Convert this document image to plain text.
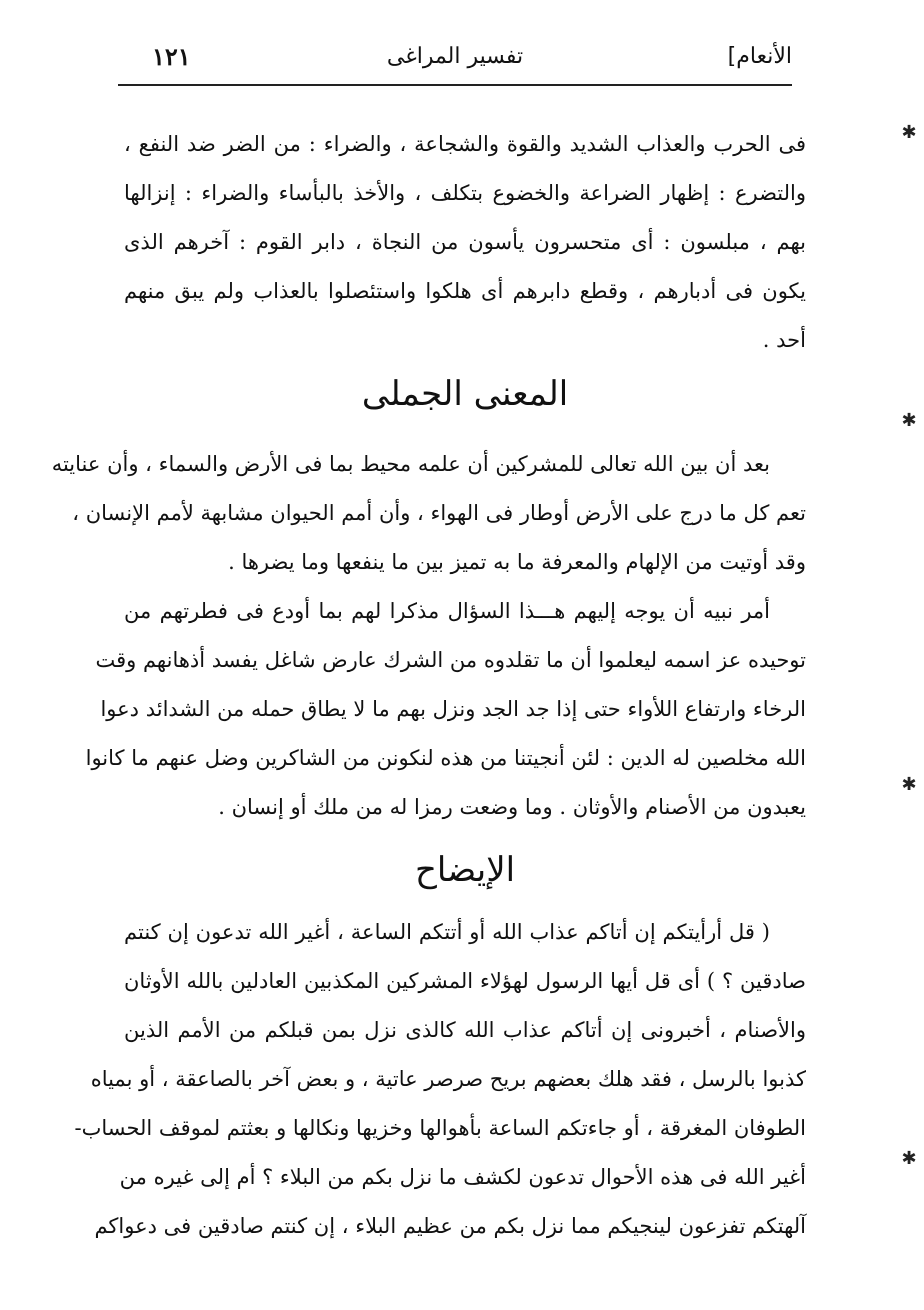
الأنعام]
تفسير المراغى
١٢١
فى الحرب والعذاب الشديد والقوة والشجاعة ، والضراء : من الضر ضد النفع ،
والتضرع : إظهار الضراعة والخضوع بتكلف ، والأخذ بالبأساء والضراء : إنزالها
بهم ، مبلسون : أى متحسرون يأسون من النجاة ، دابر القوم : آخرهم الذى
يكون فى أدبارهم ، وقطع دابرهم أى هلكوا واستئصلوا بالعذاب ولم يبق منهم
أحد .
المعنى الجملى
بعد أن بين الله تعالى للمشركين أن علمه محيط بما فى الأرض والسماء ، وأن عنايته
تعم كل ما درج على الأرض أوطار فى الهواء ، وأن أمم الحيوان مشابهة لأمم الإنسان ،
وقد أوتيت من الإلهام والمعرفة ما به تميز بين ما ينفعها وما يضرها .
أمر نبيه أن يوجه إليهم هـــذا السؤال مذكرا لهم بما أودع فى فطرتهم من
توحيده عز اسمه ليعلموا أن ما تقلدوه من الشرك عارض شاغل يفسد أذهانهم وقت
الرخاء وارتفاع اللأواء حتى إذا جد الجد ونزل بهم ما لا يطاق حمله من الشدائد دعوا
الله مخلصين له الدين : لئن أنجيتنا من هذه لنكونن من الشاكرين وضل عنهم ما كانوا
يعبدون من الأصنام والأوثان . وما وضعت رمزا له من ملك أو إنسان .
الإيضاح
( قل أرأيتكم إن أتاكم عذاب الله أو أتتكم الساعة ، أغير الله تدعون إن كنتم
صادقين ؟ ) أى قل أيها الرسول لهؤلاء المشركين المكذبين العادلين بالله الأوثان
والأصنام ، أخبرونى إن أتاكم عذاب الله كالذى نزل بمن قبلكم من الأمم الذين
كذبوا بالرسل ، فقد هلك بعضهم بريح صرصر عاتية ، و بعض آخر بالصاعقة ، أو بمياه
الطوفان المغرقة ، أو جاءتكم الساعة بأهوالها وخزيها ونكالها و بعثتم لموقف الحساب-
أغير الله فى هذه الأحوال تدعون لكشف ما نزل بكم من البلاء ؟ أم إلى غيره من
آلهتكم تفزعون لينجيكم مما نزل بكم من عظيم البلاء ، إن كنتم صادقين فى دعواكم
✱
✱
✱
✱
